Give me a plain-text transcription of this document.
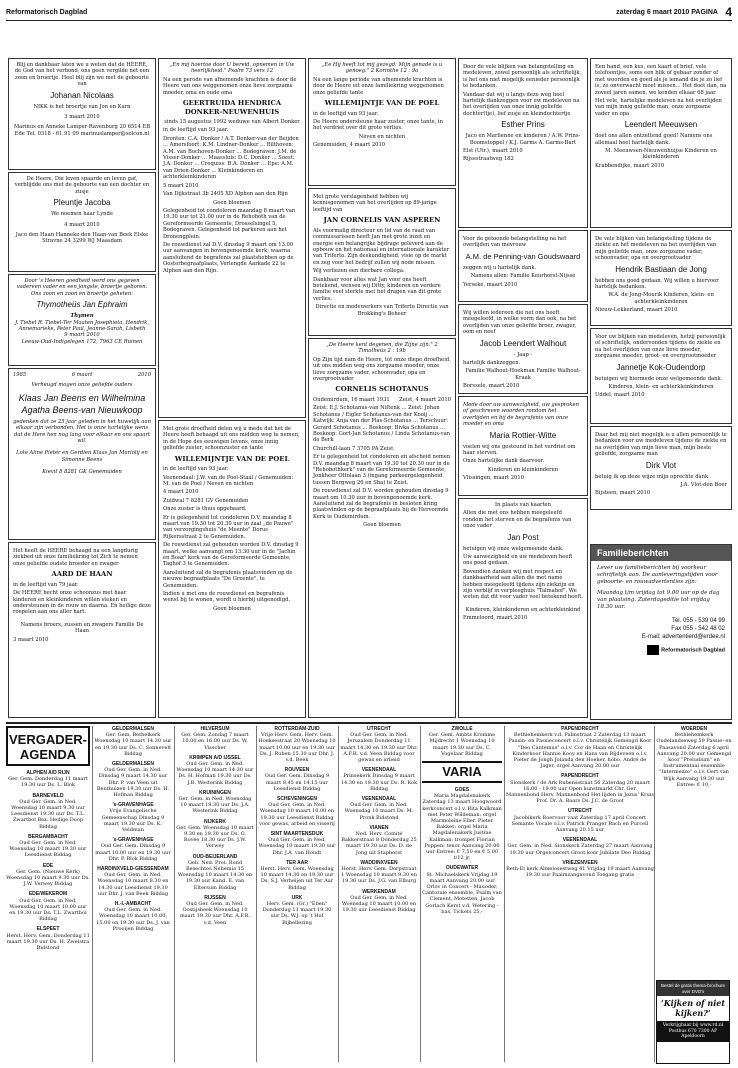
Reformatorisch Dagblad	zaterdag 6 maart 2010 PAGINA 4
Blij en dankbaar laten we u weten dat de HEERE, de God van het verbond, ons geen vergilde net een zoon en broertje. Heel blij zijn we met de geboorte van
Johanan Nicolaas
NIKK is het broertje van Jon en Karn
3 maart 2010
Marinus en Anneke Lamper-Ravenburg 20 6514 EB Ede Tel. 0318 - 61 91 09 marinuslamper@solcon.nl
De Heere, Die leven spaarde en leven gaf, verblijdde ons met de geboorte van een dochter en zusje
Pleuntje Jacoba
We noemen haar Lynde
4 maart 2010
Jaco den Haan Hanneke den Haan-van Beek Elske Stravne 24 3299 WJ Maasdam
Door 's Heeren goedheid werd ons gegeven vadereen vader en een jongste, broertje geboren. Ons zoon en zoon en broertje geheten:
Thymotheüs Jan Ephraim
Thymen
J. Tiebel R. Tiebel-Ter Maaten Josephieta, Hendrik, Annemarieke, Peter Paul, Jeanne-Sarah, Lisbeth
9 maart 2010
Leeuw-Oud-Indigelegen 172, 7963 CE Ruinen
1985	6 maart	2010
Verheugd mogen onze geliefde ouders
Klaas Jan Beens en Wilhelmina Agatha Beens-van Nieuwkoop
gedenken dat ze 25 jaar geleden in het huwelijk aan elkaar zijn verbonden. Het is onze hartelijke wens dat de Here hen nog lang voor elkaar en ons spaart wil.
Lote Aline Pieter en Gerdien Klaas Jan Mariolij en Simonne Beens
Kievit 8 8281 GK Genemuiden

Het heeft de HEERE behaagd na een langdurig ziekbed uit onze familiekring tot Zich te nemen onze geliefde oudste broeder en zwager

AARD DE HAAN

in de leeftijd van 79 jaar.

De HEERE hecht onze schoonzus met haar kinderen en kleinkinderen willen steken en ondersteunen in de rouw en daarna. En heilige deze roepelen aan ons aller hart.

Namens broers, zussen en zwagers Familie De Haan

3 maart 2010

„En mij hoertoe door U bereid, opnemen in Uw heerlijkheid." Psalm 73 vers 12

Na een perode van afnemende krachten is door de Heere van ons weggenomen onze lieve zorgzame moeder, oma en oude oma

GEERTRUIDA HENDRICA DONKER-NEUWENHUIS
sinds 15 augustus 1992 weduwe van Albert Donker

in de leeftijd van 93 jaar.

Dronten: C.A. Donker / A.T. Donker-van der Beijden ... Amersfoort: K.M. Lindner-Donker ... Bilthoven: A.M. van Bochoven-Donker ... Bodegraven: J.M. de Visser-Donker ... Maassluis: D.C. Donker ... Soest: J.A. Donker ... Croquiss: B.A. Donker ... Epe: A.M. van Drien-Donker ... Kleinkinderen en achterkleinkinderen

5 maart 2010

Van Dijkstraat 3b 2405 XD Alphen aan den Rijn

Geen bloemen

Gelegenheid tot condoleren maandag 8 maart van 19.30 uur tot 21.00 uur in de Rehoboth van de Gereformeerde Gemeente, Drosselsingel 5, Bodegraven. Gelegenheid tot parkeren aan het Dronengplein.

De rouwdienst zal D.V. dinsdag 9 maart om 13.00 uur aanvangen in bovengenoemde kerk; waarna aansluitend de begrafenis zal plaatshebben op de Oosterbegraafplaats, Verlengde Aarkade 22 te Alphen aan den Rijn.

Met grote droefheid delen wij u mede dat het de Heere heeft behaagd uit ons midden weg te nemen, in de Hope des eeuwigen levens, onze innig geliefde zuster, schoonzuster en tante

WILLEMIJNTJE VAN DE POEL

in de leeftijd van 93 jaar.

Veenendaal: J.W. van de Poel-Staal / Genemuiden: M. van de Poel / Neven en nichten

4 maart 2010

Zuidwal 7 8281 GV Genemuiden

Onze zuster is thuis opgebaard.

Er is gelegenheid tot condoleren D.V. maandag 8 maart van 19.30 tot 20.30 uur in zaal „de Pauwe" van verzorgingshuis "de Meente" Dorus Rijkersstraat 2 te Genemuiden.

De rouwdienst zal gehouden worden D.V. dinsdag 9 maart, welke aanvangt om 13.30 uur in de "Jachin en Boaz" kerk van de Gereformeerde Gemeente, Taghof 3 te Genemuiden.

Aansluitend zal de begrafenis plaatsvinden op de nieuwe begraafplaats "De Greente", te Genemuiden.

Indien u met ons de rouwdienst en begrafenis wenst bij te wonen, wordt u hierbij uitgenodigd.

Geen bloemen
„Ee Hij heeft tot mij gezegd: Mijn genade is u genoeg." 2 Korinthe 12 : 9a

Na een lange periode van afnemende krachten is door de Heere uit onze familiekring weggenomen onze geliefde tante

WILLEMIJNTJE VAN DE POEL

in de leeftijd van 93 jaar.

De Heere ondersteune haar zuster, onze tante, in het verdriet over dit grote verlies.

Neven en nichten

Genemuiden, 4 maart 2010

Met grote verslagenheid hebben wij kennisgenomen van het overlijden op 89-jarige leeftijd van

JAN CORNELIS VAN ASPEREN

Als voormalig directeur en lid van de raad van commissarissen heeft Jan met grote inzet en energie een belangrijke bijdrage geleverd aan de opbouw en het nationaal en internationale karakter van Triferto. Zijn deskundigheid, visie op de markt en zeg voor het bedrijf zullen wij node missen.

Wij verliezen een dierbare collega.

Dankbaar voor alles wat Jan voor ons heeft betekend, wensen wij Ditty, kinderen en verdere familie veel sterkte met het dragen van dit grote verlies.

Directie en medewerkers van Triferto Directie van Brokking's Beheer
„De Heere kent degenen, die Zijne zijn." 2 Timotheüs 2 : 19b

Op Zijn tijd nam de Heere, tot onze diepe droefheid, uit ons midden weg ons zorgzame moeder, onze lieve zorgzame vader, schoonvader, opa en overgrootvader

CORNELIS SCHOTANUS
Oudemirdum, 16 maart 1931 Zeist, 4 maart 2010

Zeist: E.J. Schotanus-van Niftenk ... Zeist: Johan Schotanus / Eigler Schotanus-van der Kooij ... Katwijk: Anja van der Plas-Schotanus ... Terschuur: Gerard Schotanus ... Boskoop: Bivka Schotanus ... Boskoop: Gort-Jan Schotanus / Linda Schotanus-van de Berk

Churchill-laan 7 3705 PA Zeist

Er is gelegenheid tot condoleren en afscheid nemen D.V. maandag 8 maart van 19.30 tot 20.30 uur in de "Rehobothkerk" van de Gereformeerde Gemeente, Jonkheer Ottolaan 3 (ingang parkeergelegenheid tussen Bergweg 26 en Sba) te Zeist.

De rouwdienst zal D.V. worden gehouden dinsdag 9 maart om 10.30 uur in bovengenoemde kerk. Aansluitend zal de begrafenis in besloten kring plaatsvinden op de begraafplaats bij de Hervormde Kerk te Oudemirdum.

Geen bloemen

Door de vele blijken van belangstelling en medeleven, zowel persoonlijk als schriftelijk, is het ons niet mogelijk eenieder persoonlijk te bedanken.

Vandaar dat wij u langs deze weg heel hartelijk dankzeggen voor uw medeleven na het overlijden van onze innig geliefde dochter(tje), lief zusje en kleindochtertje

Esther Prins

Jaco en Marlienne en kinderen / A.W. Prins-Boomstoppel / K.J. Garms A. Garms-Bart

Elst (Utr.), maart 2010

Rijsestraatweg 182

Voor de getoonde belangstelling na het overlijden van mevrouw

A.M. de Penning-van Goudswaard

zeggen wij u hartelijk dank.

Namens allen: Familie Keurhorst-Nijsse

Yerseke, maart 2010

Wij willen iedereen die net ons heeft meegeleefd, in welke vorm dan ook, na het overlijden van onze geliefde broer, zwager, oom en neef

Jacob Leendert Walhout
- Jaap -

hartelijk dankzeggen.

Familie Walhout-Hoekman Familie Walhout-Kraak

Borssele, maart 2010

Mede door uw aanwezigheid, uw gesproken of geschreven woorden rondom het overlijden en bij de begrafenis van onze moeder en oma

Maria Rottier-Witte

voelen wij ons gesteund in het verdriet om haar sterven.

Onze hartelijke dank daarvoor.

Kinderen en kleinkinderen

Vlissingen, maart 2010

In plaats van kaarten

Allen die met ons hebben meegeleefd rondom het sterven en de begrafenis van onze vader

Jan Post

betuigen wij onze welgemeende dank.

Uw aanwezigheid en uw medeleven heeft ons goed gedaan.

Bovendien danken wij met respect en dankbaarheid aan allen die met name hebben meegeleefd tijdens zijn ziekzijn en zijn verblijf in verpleeghuis "Talmahof". We weten dat dit voor vader veel betekend heeft.

Kinderen, kleinkinderen en achterkleinkind

Emmeloord, maart 2010

Een hand, een kus, een kaart of brief, vele telefoontjes, soms een blik of gebaar zonder of met woorden en goed als je iemand die je zo lief is, zo onverwacht moet missen... Het doet dan, na zoveel jaren samen, we kenden elkaar 68 jaar.

Het vele, hartelijke medeleven na het overlijden van mijn innig geliefde man, onze zorgzame vader en opa

Leendert Meeuwsen

doet ons allen ontzettend goed! Namens ons allemaal heel hartelijk dank.

M. Meeuwsen-Nieuwenhuijse Kinderen en kleinkinderen

Krabbendijke, maart 2010

De vele blijken van belangstelling tijdens de ziekte en het medeleven na het overlijden van mijn geliefde man, onze zorgzame vader, schoonvader, opa en overgrootvader

Hendrik Bastiaan de Jong

hebben ons goed gedaan. Wij willen u hiervoor hartelijk bedanken.

W.A. de Jong-Mourik Kinderen, klein- en achterkleinkinderen

Nieuw-Lekkerland, maart 2010

Voor uw blijken van medeleven, hetzij persoonlijk of schriftelijk, ondervonden tijdens de ziekte en na het overlijden van onze lieve moeder, zorgzame moeder, groot- en overgrootmoeder

Jannetje Kok-Oudendorp

betuigen wij hiermede onze welgemeende dank.

Kinderen, klein- en achterkleinkinderen

Uddel, maart 2010

Daar het mij niet mogelijk is u allen persoonlijk te bedanken voor uw medeleven tijdens de ziekte en na overlijden van mijn lieve man, mijn beste geliefde, zorgzame man

Dirk Vlot

betuig ik op deze wijze mijn oprechte dank.

J.A. Vlot-den Boer

Bijsteen, maart 2010

Familieberichten
Lever uw familieberichten bij voorkeur schriftelijk aan. De aanleveringstijden voor geboorte- en rouwadvertenties zijn:
Maandag t/m vrijdag tot 9.00 uur op de dag van plaatsing. Zaterdageditie tot vrijdag 18.30 uur.
Tel. 055 - 539 04 99
Fax 055 - 542 48 02
E-mail: advertentierd@erdee.nl
Reformatorisch Dagblad
VERGADER-AGENDA
ALPHEN A/D RIJN
Ger. Gem. Donderdag 11 maart 19.30 uur Ds. L. Blok
BARNEVELD
Oud Ger. Gem. in Ned. Woensdag 10 maart 9.30 uur Leesdienst 19.30 uur Ds. T.L. Zwartbol Bez. Heilige Doop Biddag
BERGAMBACHT
Oud Ger. Gem. in Ned. Woensdag 10 maart 19.30 uur Leesdienst Biddag
EDE
Ger. Gem. (Nieuwe Kerk) Woensdag 10 maart 9.30 uur Ds. J.W. Verwey Biddag
EDE/WEKEROM
Oud Ger. Gem. in Ned. Woensdag 10 maart 10.00 uur en 19.30 uur Ds. T.L. Zwartbol Biddag
ELSPEET
Herst. Herv. Gem. Donderdag 11 maart 19.30 uur Ds. H. Zweistra Bidstond
GELDERMALSEN
Ger. Gem. Bethelkerk Woensdag 10 maart 14.30 uur en 19.30 uur Ds. C. Sonnevelt Biddag
GELDERMALSEN
Oud Ger. Gem. in Ned. Dinsdag 9 maart 14.30 uur Dhr. P. van Veen uit Benthuizen 19.30 uur Ds. H. Hofman Biddag
's-GRAVENHAGE
Vrije Evangelische Gemeenschap Dinsdag 9 maart 19.30 uur Ds. K. Veldman
's-GRAVENHAGE
Oud Ger. Gem. Dinsdag 9 maart 10.00 uur en 19.30 uur Dhr. P. Blok Biddag
HARDINXVELD-GIESSENDAM
Oud Ger. Gem. in Ned. Woensdag 10 maart 8.30 en 14.30 uur Leesdienst 19.30 uur Dhr. J. van Beek Biddag
H.-I.-AMBACHT
Oud Ger. Gem. in Ned. Woensdag 10 maart 10.00, 15.00 en 19.30 uur Ds. J. van Prooijen Biddag
HILVERSUM
Ger. Gem. Zondag 7 maart 10.00 en 16.00 uur Ds. W. Visscher
KRIMPEN A/D IJSSEL
Oud Ger. Gem. in Ned. Woensdag 10 maart 14.30 uur Ds. H. Hofman 19.30 uur Ds. J.B. Westerink Biddag
KRUININGEN
Ger. Gem. in Ned. Woensdag 10 maart 19.30 uur Ds. J.A. Westerink Biddag
NIJKERK
Ger. Gem. Woensdag 10 maart 9.30 en 19.30 uur Ds. G. Bovée 18.30 uur Ds. J.W. Verwey
OUD-BEIJERLAND
Geb. Ned. Prot. Bond Besechtes Nehemia 15 Woensdag 10 maart 14.30 en 19.30 uur Kand. E. van Eltersum Biddag
RIJSSEN
Oud Ger. Gem. in Ned. Oostijsbeek Woensdag 10 maart 19.30 uur Dhr. A.F.R. v.d. Veen
ROTTERDAM-ZUID
Vrije Herv. Gem. Herv. Gem. Hoeksestraat 20 Woensdag 10 maart 10.00 uur en 19.30 uur Ds. J. Ruben 15.30 uur Dhr. J. v.d. Beek
ROUVEEN
Oud Ger. Gem. Dinsdag 9 maart 8.45 en 14.15 uur Leesdienst Biddag
SCHEVENINGEN
Oud Ger. Gem. in Ned. Woensdag 10 maart 10.00 en 19.30 uur Leesdienst Biddag voor gewas, arbeid en visserij
SINT MAARTENSDIJK
Oud Ger. Gem. in Ned. Woensdag 10 maart 19.30 uur Dhr. J.A. van Houdt
TER AAR
Herst. Herv. Gem. Woensdag 10 maart 14.30 en 19.30 uur Ds. S.J. Verheijen uit Ter Aar Biddag
URK
Herv. Gem. (Gr.) "Eben" Donderdag 11 maart 19.30 uur Ds. W.J. op 't Hof Bijbellezing
UTRECHT
Oud Ger. Gem. in Ned. Jeruzalem Donderdag 11 maart 14.30 en 19.30 uur Dhr. A.F.R. v.d. Veen Biddag voor gewas en arbeid
VEENENDAAL
Prinsekerk Dinsdag 9 maart 14.30 en 19.30 uur Ds. R. Kok Biddag
VEENENDAAL
Oud Ger. Gem. in Ned. Woensdag 10 maart Ds. M. Pronk Bidstond
VIANEN
Ned. Herv. Comité Bakkerstraat 8 Donderdag 25 maart 19.30 uur Ds. D. de Jong uit Staphorst
WADDINXVEEN
Herst. Herv. Gem. Dorpstraat 1 Woensdag 10 maart 9.30 en 19.30 uur Ds. J.G. van Elburg
WERKENDAM
Oud Ger. Gem. in Ned. Woensdag 10 maart 10.00 en 19.30 uur Leesdienst Biddag
ZWOLLE
Ger. Gem. Ambtz Kromme Mijdrecht 1 Woensdag 10 maart 19.30 uur Ds. C. Vogelaar Biddag
VARIA
GOES
Maria Magdalenakerk Zaterdag 13 maart Hoogwoord kerkconcert o.l.v. Rita Kalkman met Peter Wildeman: orgel Marmoleine Eller, Pieter Bakker: orgel Maria Magdalenakerk Justine Kalkman: trompet Florian Poppen: tenor Aanvang 20.00 uur Entree: € 7,50 en € 5,00 t/12 jr.
OUDEWATER
St. Michaelskerk Vrijdag 19 maart Aanvang 20.00 uur Orlov in Concert - Mauoder, Cantorale ensemble, Psalm van Clement, Motetten, Jacob Gorlach Kerst v.d. Wetering - bas, Tickets 25,-
PAPENDRECHT
Bethlehemkerk v.d. Palmstraat 2 Zaterdag 13 maart Paasin- en Passieconcert o.l.v. Christelijk Gemengd Koor "Deo Cantemus" o.l.v. Cor de Haan en Christelijk Kinderkoor Hannie Kooy en Hans van Bijdeveen o.l.v. Pieter de Jongh Jolanda den Hoeker, hobo, André de Jager, orgel Aanvang 20.00 uur
PAPENDRECHT
Sionskerk / de Ark Rubensstraat 56 Zaterdag 20 maart 16.00 - 19.00 uur Open kunstmarkt Chr. Ger. Mannenbond Herv. Mannenbond Het lijden in Jezus' Kruis Prof. Dr. A. Baars Ds. J.C. de Groot
UTRECHT
Jacobikerk Boervoor vaat Zaterdag 17 april Concert Semante Vocale o.l.v. Patrick Pranger Bach en Purcell Aanvang 20.15 uur
VEENENDAAL
Ger. Gem. in Ned. Sionskerk Zaterdag 27 maart Aanvang 19.30 uur Orgelconcert Groot koor Jubilate Deo Biddag
VRIEZENVEEN
Beth-El kerk Almelosestweg 41 Vrijdag 19 maart Aanvang 19.30 uur Paalmzangavond Toegang gratis
WOERDEN
Bethlehemkerk Oudelandseweg 59 Passie- en Paasavond Zaterdag 6 april Aanvang 20.00 uur Gemengd koor "Preludium" en Instrumentaal ensemble "Intermezzo" o.l.v. Gert van Wijk Aanvang 19.30 uur Entree: € 10,-
Bestel de gratis thema-brochure over DVD's
‘Kijken of niet kijken?’
Verkrijgbaar bij www.rd.nl Postbus 670 7300 AP Apeldoorn
